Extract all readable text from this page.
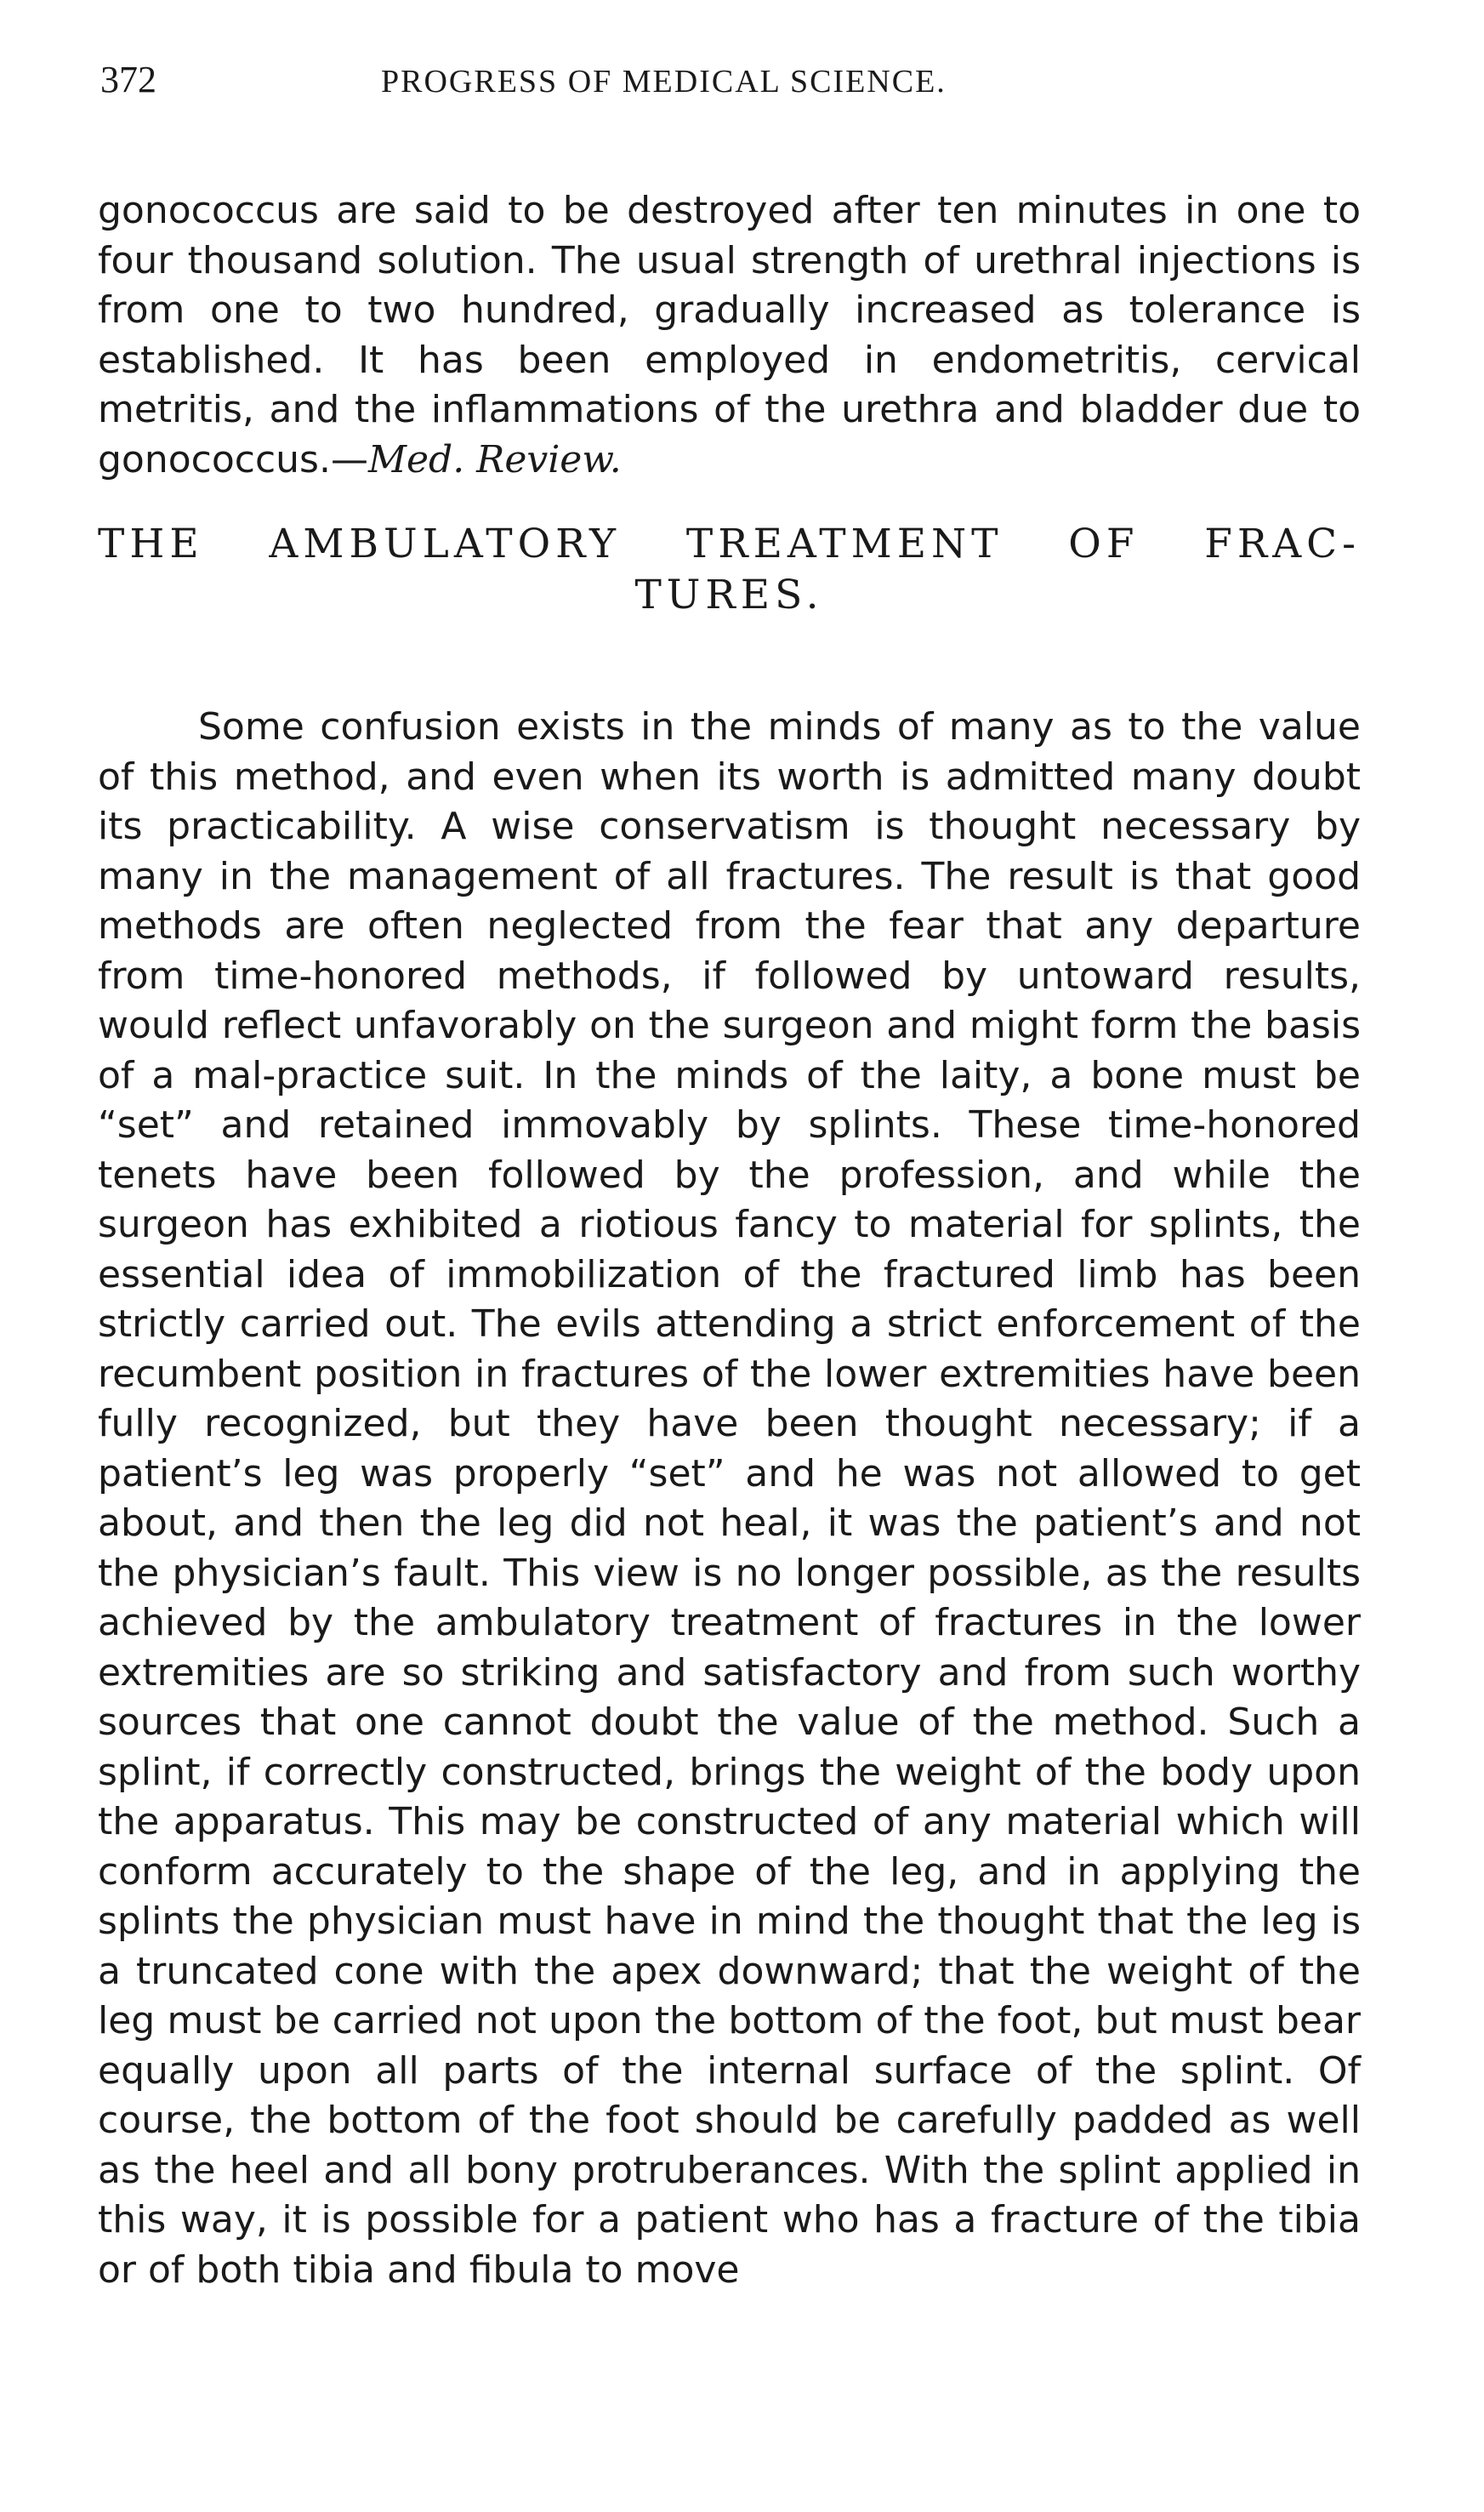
372	PROGRESS OF MEDICAL SCIENCE.

gonococcus are said to be destroyed after ten minutes in one to four thousand solution. The usual strength of urethral injections is from one to two hundred, gradually increased as tolerance is established. It has been employed in endometritis, cervical metritis, and the inflammations of the urethra and bladder due to gonococcus.—Med. Review.

THE AMBULATORY TREATMENT OF FRAC-
TURES.

Some confusion exists in the minds of many as to the value of this method, and even when its worth is admitted many doubt its practicability. A wise conservatism is thought necessary by many in the management of all fractures. The result is that good methods are often neglected from the fear that any departure from time-honored methods, if followed by untoward results, would reflect unfavorably on the surgeon and might form the basis of a mal-practice suit. In the minds of the laity, a bone must be “set” and retained immovably by splints. These time-honored tenets have been followed by the profession, and while the surgeon has exhibited a riotious fancy to material for splints, the essential idea of immobilization of the fractured limb has been strictly carried out. The evils attending a strict enforcement of the recumbent position in fractures of the lower extremities have been fully recognized, but they have been thought necessary; if a patient’s leg was properly “set” and he was not allowed to get about, and then the leg did not heal, it was the patient’s and not the physician’s fault. This view is no longer possible, as the results achieved by the ambulatory treatment of fractures in the lower extremities are so striking and satisfactory and from such worthy sources that one cannot doubt the value of the method. Such a splint, if correctly constructed, brings the weight of the body upon the apparatus. This may be constructed of any material which will conform accurately to the shape of the leg, and in applying the splints the physician must have in mind the thought that the leg is a truncated cone with the apex downward; that the weight of the leg must be carried not upon the bottom of the foot, but must bear equally upon all parts of the internal surface of the splint. Of course, the bottom of the foot should be carefully padded as well as the heel and all bony protruberances. With the splint applied in this way, it is possible for a patient who has a fracture of the tibia or of both tibia and fibula to move
